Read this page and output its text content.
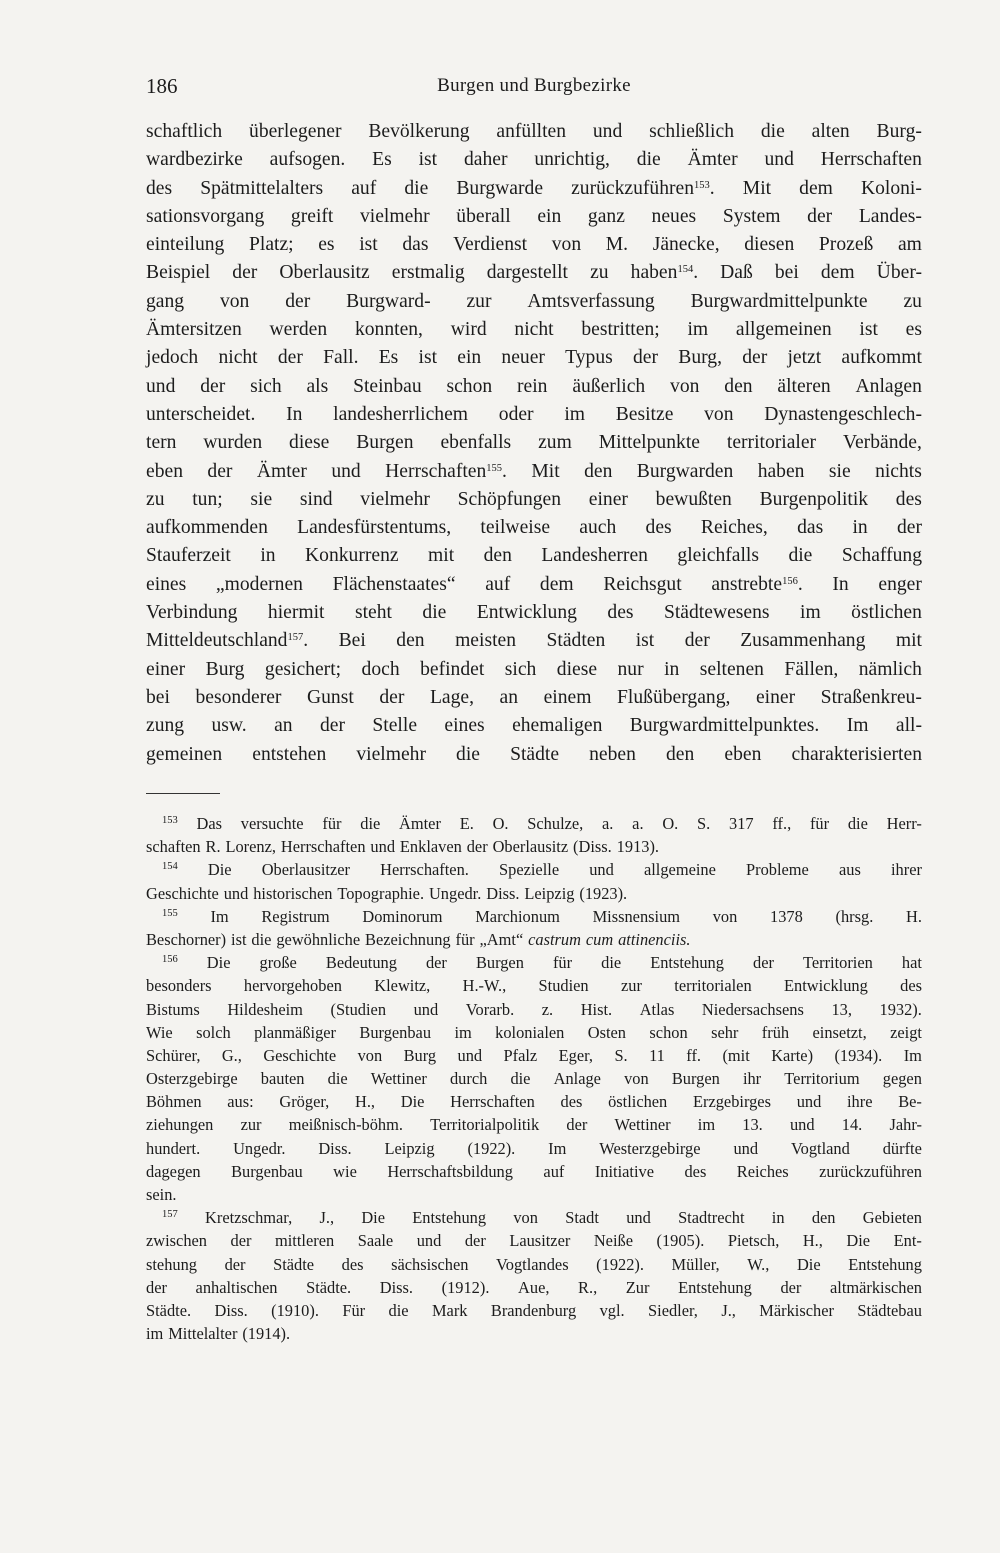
186	Burgen und Burgbezirke
schaftlich überlegener Bevölkerung anfüllten und schließlich die alten Burg-
wardbezirke aufsogen. Es ist daher unrichtig, die Ämter und Herrschaften
des Spätmittelalters auf die Burgwarde zurückzuführen$^{153}$. Mit dem Koloni-
sationsvorgang greift vielmehr überall ein ganz neues System der Landes-
einteilung Platz; es ist das Verdienst von M. Jänecke, diesen Prozeß am
Beispiel der Oberlausitz erstmalig dargestellt zu haben$^{154}$. Daß bei dem Über-
gang von der Burgward- zur Amtsverfassung Burgwardmittelpunkte zu
Ämtersitzen werden konnten, wird nicht bestritten; im allgemeinen ist es
jedoch nicht der Fall. Es ist ein neuer Typus der Burg, der jetzt aufkommt
und der sich als Steinbau schon rein äußerlich von den älteren Anlagen
unterscheidet. In landesherrlichem oder im Besitze von Dynastengeschlech-
tern wurden diese Burgen ebenfalls zum Mittelpunkte territorialer Verbände,
eben der Ämter und Herrschaften$^{155}$. Mit den Burgwarden haben sie nichts
zu tun; sie sind vielmehr Schöpfungen einer bewußten Burgenpolitik des
aufkommenden Landesfürstentums, teilweise auch des Reiches, das in der
Stauferzeit in Konkurrenz mit den Landesherren gleichfalls die Schaffung
eines „modernen Flächenstaates“ auf dem Reichsgut anstrebte$^{156}$. In enger
Verbindung hiermit steht die Entwicklung des Städtewesens im östlichen
Mitteldeutschland$^{157}$. Bei den meisten Städten ist der Zusammenhang mit
einer Burg gesichert; doch befindet sich diese nur in seltenen Fällen, nämlich
bei besonderer Gunst der Lage, an einem Flußübergang, einer Straßenkreu-
zung usw. an der Stelle eines ehemaligen Burgwardmittelpunktes. Im all-
gemeinen entstehen vielmehr die Städte neben den eben charakterisierten
$^{153}$ Das versuchte für die Ämter E. O. Schulze, a. a. O. S. 317 ff., für die Herr-
schaften R. Lorenz, Herrschaften und Enklaven der Oberlausitz (Diss. 1913).
$^{154}$ Die Oberlausitzer Herrschaften. Spezielle und allgemeine Probleme aus ihrer
Geschichte und historischen Topographie. Ungedr. Diss. Leipzig (1923).
$^{155}$ Im Registrum Dominorum Marchionum Missnensium von 1378 (hrsg. H.
Beschorner) ist die gewöhnliche Bezeichnung für „Amt“ castrum cum attinenciis.
$^{156}$ Die große Bedeutung der Burgen für die Entstehung der Territorien hat
besonders hervorgehoben Klewitz, H.-W., Studien zur territorialen Entwicklung des
Bistums Hildesheim (Studien und Vorarb. z. Hist. Atlas Niedersachsens 13, 1932).
Wie solch planmäßiger Burgenbau im kolonialen Osten schon sehr früh einsetzt, zeigt
Schürer, G., Geschichte von Burg und Pfalz Eger, S. 11 ff. (mit Karte) (1934). Im
Osterzgebirge bauten die Wettiner durch die Anlage von Burgen ihr Territorium gegen
Böhmen aus: Gröger, H., Die Herrschaften des östlichen Erzgebirges und ihre Be-
ziehungen zur meißnisch-böhm. Territorialpolitik der Wettiner im 13. und 14. Jahr-
hundert. Ungedr. Diss. Leipzig (1922). Im Westerzgebirge und Vogtland dürfte
dagegen Burgenbau wie Herrschaftsbildung auf Initiative des Reiches zurückzuführen
sein.
$^{157}$ Kretzschmar, J., Die Entstehung von Stadt und Stadtrecht in den Gebieten
zwischen der mittleren Saale und der Lausitzer Neiße (1905). Pietsch, H., Die Ent-
stehung der Städte des sächsischen Vogtlandes (1922). Müller, W., Die Entstehung
der anhaltischen Städte. Diss. (1912). Aue, R., Zur Entstehung der altmärkischen
Städte. Diss. (1910). Für die Mark Brandenburg vgl. Siedler, J., Märkischer Städtebau
im Mittelalter (1914).
